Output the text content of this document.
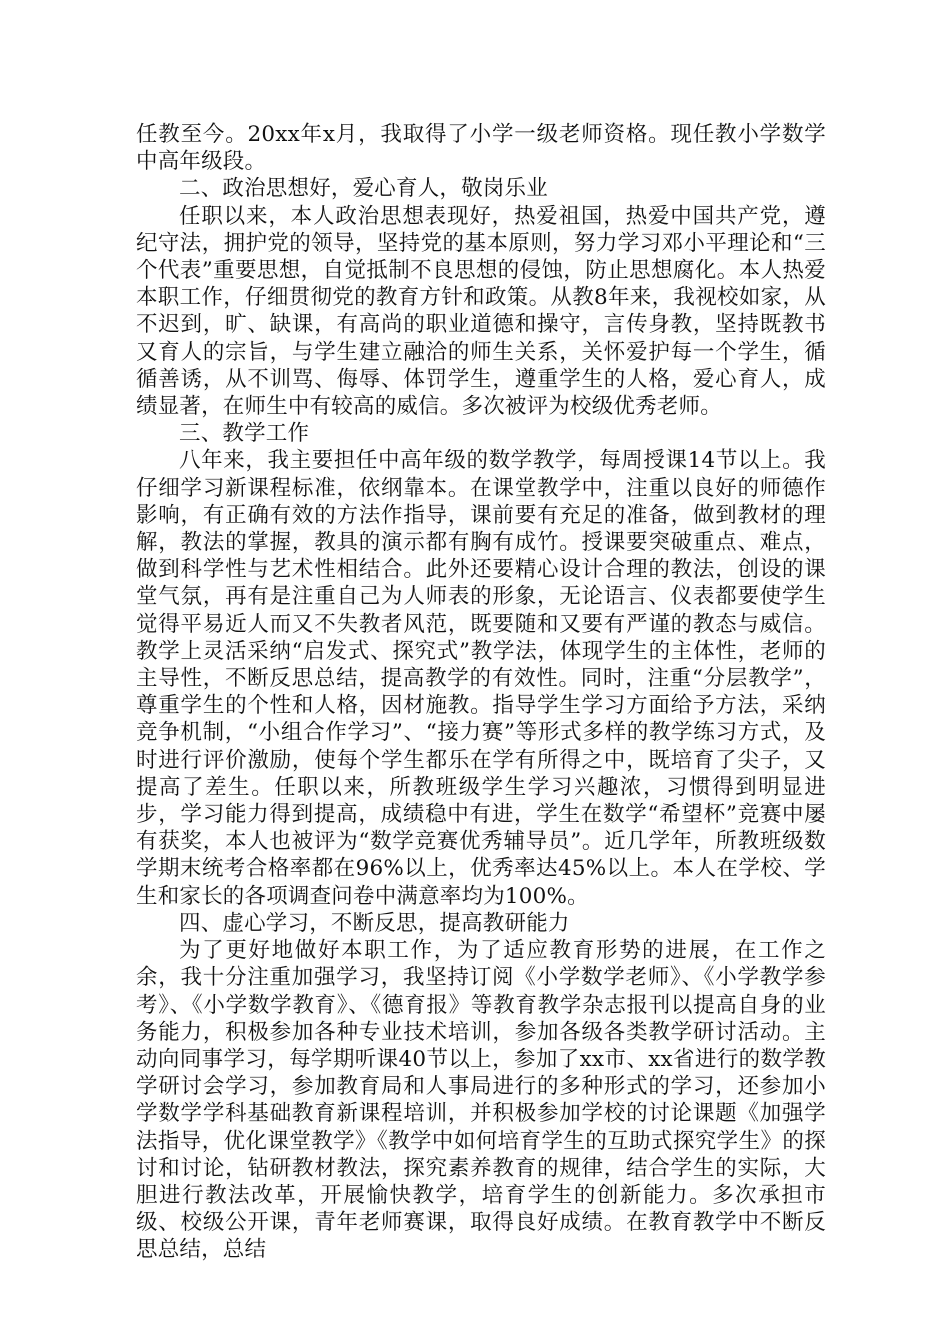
任教至今。20xx年x月，我取得了小学一级老师资格。现任教小学数学中高年级段。

二、政治思想好，爱心育人，敬岗乐业

任职以来，本人政治思想表现好，热爱祖国，热爱中国共产党，遵纪守法，拥护党的领导，坚持党的基本原则，努力学习邓小平理论和“三个代表”重要思想，自觉抵制不良思想的侵蚀，防止思想腐化。本人热爱本职工作，仔细贯彻党的教育方针和政策。从教8年来，我视校如家，从不迟到，旷、缺课，有高尚的职业道德和操守，言传身教，坚持既教书又育人的宗旨，与学生建立融洽的师生关系，关怀爱护每一个学生，循循善诱，从不训骂、侮辱、体罚学生，遵重学生的人格，爱心育人，成绩显著，在师生中有较高的威信。多次被评为校级优秀老师。

三、教学工作

八年来，我主要担任中高年级的数学教学，每周授课14节以上。我仔细学习新课程标准，依纲靠本。在课堂教学中，注重以良好的师德作影响，有正确有效的方法作指导，课前要有充足的准备，做到教材的理解，教法的掌握，教具的演示都有胸有成竹。授课要突破重点、难点，做到科学性与艺术性相结合。此外还要精心设计合理的教法，创设的课堂气氛，再有是注重自己为人师表的形象，无论语言、仪表都要使学生觉得平易近人而又不失教者风范，既要随和又要有严谨的教态与威信。教学上灵活采纳“启发式、探究式”教学法，体现学生的主体性，老师的主导性，不断反思总结，提高教学的有效性。同时，注重“分层教学”，尊重学生的个性和人格，因材施教。指导学生学习方面给予方法，采纳竞争机制，“小组合作学习”、“接力赛”等形式多样的教学练习方式，及时进行评价激励，使每个学生都乐在学有所得之中，既培育了尖子，又提高了差生。任职以来，所教班级学生学习兴趣浓，习惯得到明显进步，学习能力得到提高，成绩稳中有进，学生在数学“希望杯”竞赛中屡有获奖，本人也被评为“数学竞赛优秀辅导员”。近几学年，所教班级数学期末统考合格率都在96%以上，优秀率达45%以上。本人在学校、学生和家长的各项调查问卷中满意率均为100%。

四、虚心学习，不断反思，提高教研能力

为了更好地做好本职工作，为了适应教育形势的进展，在工作之余，我十分注重加强学习，我坚持订阅《小学数学老师》、《小学教学参考》、《小学数学教育》、《德育报》等教育教学杂志报刊以提高自身的业务能力，积极参加各种专业技术培训，参加各级各类教学研讨活动。主动向同事学习，每学期听课40节以上，参加了xx市、xx省进行的数学教学研讨会学习，参加教育局和人事局进行的多种形式的学习，还参加小学数学学科基础教育新课程培训，并积极参加学校的讨论课题《加强学法指导，优化课堂教学》《教学中如何培育学生的互助式探究学生》的探讨和讨论，钻研教材教法，探究素养教育的规律，结合学生的实际，大胆进行教法改革，开展愉快教学，培育学生的创新能力。多次承担市级、校级公开课，青年老师赛课，取得良好成绩。在教育教学中不断反思总结，总结
